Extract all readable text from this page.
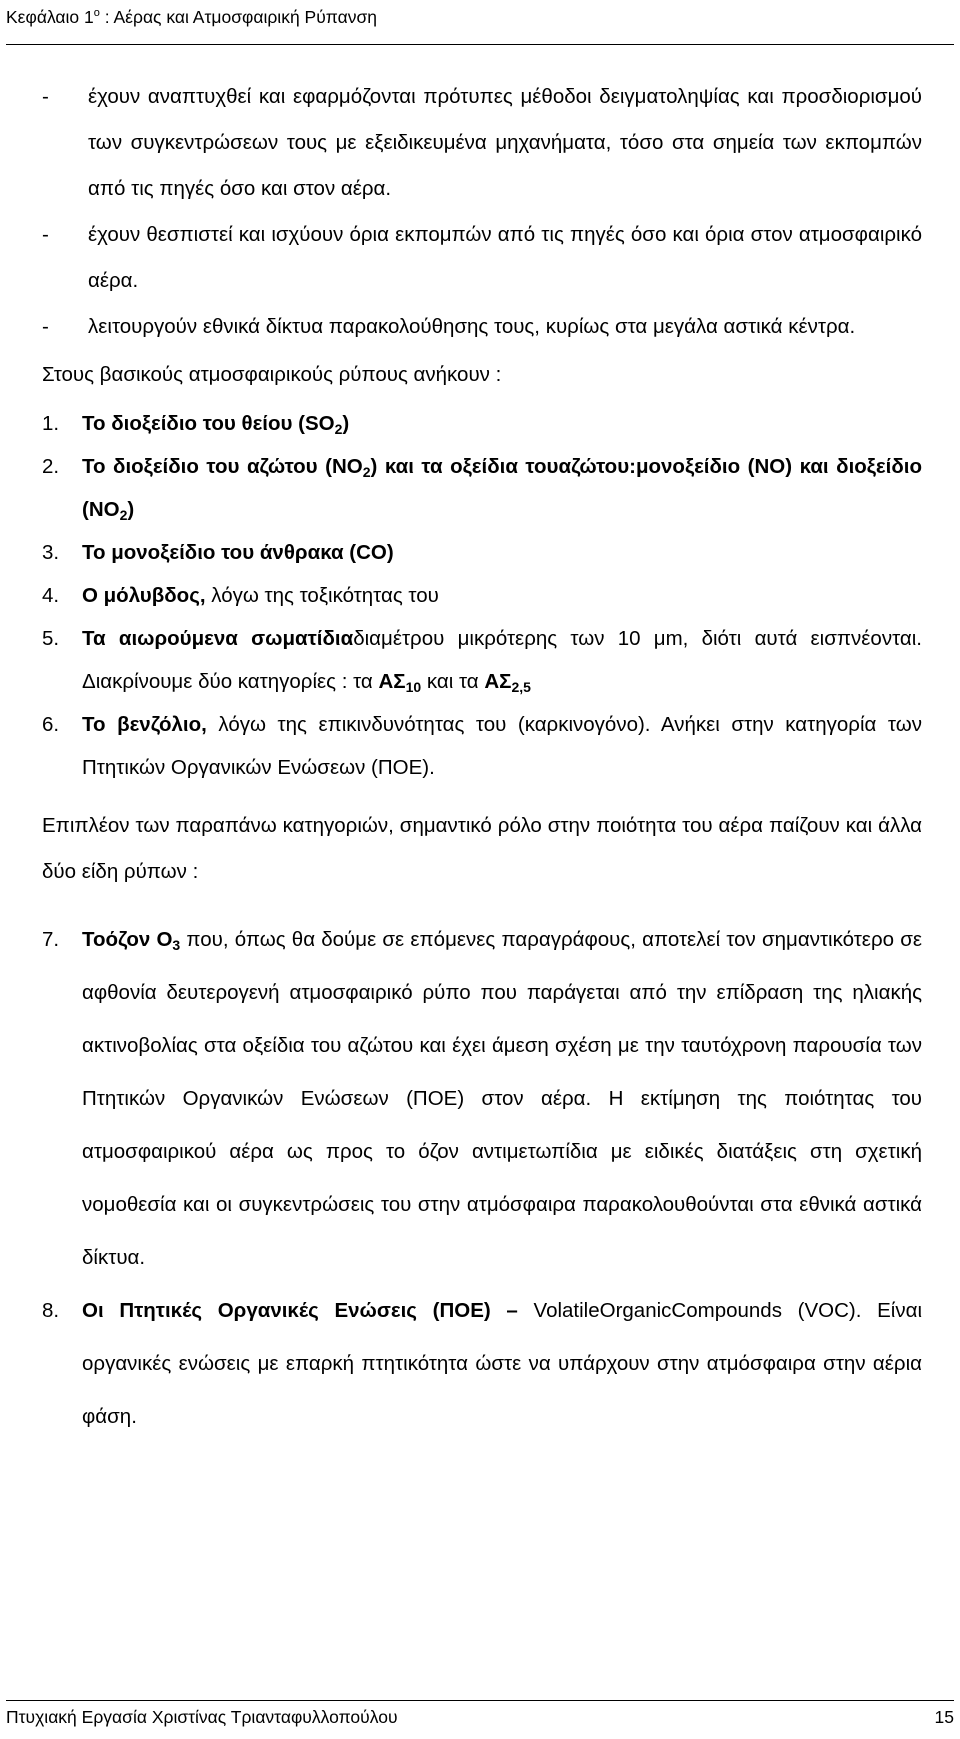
Κεφάλαιο $1^o$ : Αέρας και Ατμοσφαιρική Ρύπανση
-	έχουν αναπτυχθεί και εφαρμόζονται πρότυπες μέθοδοι δειγματοληψίας και προσδιορισμού των συγκεντρώσεων τους με εξειδικευμένα μηχανήματα, τόσο στα σημεία των εκπομπών από τις πηγές όσο και στον αέρα.
-	έχουν θεσπιστεί και ισχύουν όρια εκπομπών από τις πηγές όσο και όρια στον ατμοσφαιρικό αέρα.
-	λειτουργούν εθνικά δίκτυα παρακολούθησης τους, κυρίως στα μεγάλα αστικά κέντρα.
Στους βασικούς ατμοσφαιρικούς ρύπους ανήκουν :
1.	Το διοξείδιο του θείου $(SO_2)$
2.	Το διοξείδιο του αζώτου $(NO_2)$ και τα οξείδια τουαζώτου:μονοξείδιο (NO) και διοξείδιο $(NO_2)$
3.	Το μονοξείδιο του άνθρακα (CO)
4.	Ο μόλυβδος, λόγω της τοξικότητας του
5.	Τα αιωρούμενα σωματίδιαδιαμέτρου μικρότερης των 10 μm, διότι αυτά εισπνέονται. Διακρίνουμε δύο κατηγορίες : τα $A\Sigma_{10}$ και τα $A\Sigma_{2,5}$
6.	Το βενζόλιο, λόγω της επικινδυνότητας του (καρκινογόνο). Ανήκει στην κατηγορία των Πτητικών Οργανικών Ενώσεων (ΠΟΕ).
Επιπλέον των παραπάνω κατηγοριών, σημαντικό ρόλο στην ποιότητα του αέρα παίζουν και άλλα δύο είδη ρύπων :
7.	Τοόζον $O_3$ που, όπως θα δούμε σε επόμενες παραγράφους, αποτελεί τον σημαντικότερο σε αφθονία δευτερογενή ατμοσφαιρικό ρύπο που παράγεται από την επίδραση της ηλιακής ακτινοβολίας στα οξείδια του αζώτου και έχει άμεση σχέση με την ταυτόχρονη παρουσία των Πτητικών Οργανικών Ενώσεων (ΠΟΕ) στον αέρα. Η εκτίμηση της ποιότητας του ατμοσφαιρικού αέρα ως προς το όζον αντιμετωπίδια με ειδικές διατάξεις στη σχετική νομοθεσία και οι συγκεντρώσεις του στην ατμόσφαιρα παρακολουθούνται στα εθνικά αστικά δίκτυα.
8.	Οι Πτητικές Οργανικές Ενώσεις (ΠΟΕ) – VolatileOrganicCompounds (VOC). Είναι οργανικές ενώσεις με επαρκή πτητικότητα ώστε να υπάρχουν στην ατμόσφαιρα στην αέρια φάση.
Πτυχιακή Εργασία Χριστίνας Τριανταφυλλοπούλου	15
